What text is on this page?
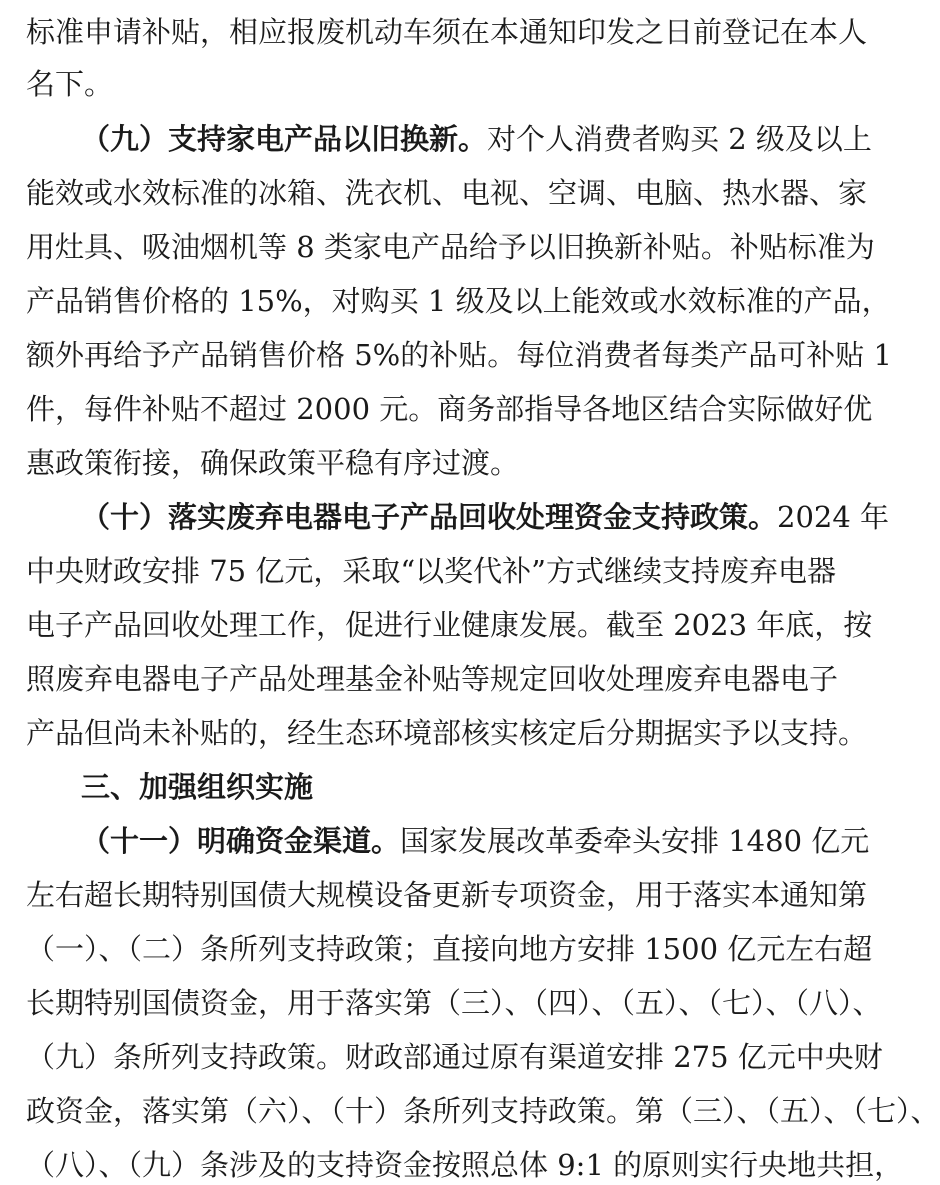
标准申请补贴，相应报废机动车须在本通知印发之日前登记在本人
名下。
（九）支持家电产品以旧换新。对个人消费者购买 2 级及以上
能效或水效标准的冰箱、洗衣机、电视、空调、电脑、热水器、家
用灶具、吸油烟机等 8 类家电产品给予以旧换新补贴。补贴标准为
产品销售价格的 15%，对购买 1 级及以上能效或水效标准的产品，
额外再给予产品销售价格 5%的补贴。每位消费者每类产品可补贴 1
件，每件补贴不超过 2000 元。商务部指导各地区结合实际做好优
惠政策衔接，确保政策平稳有序过渡。
（十）落实废弃电器电子产品回收处理资金支持政策。2024 年
中央财政安排 75 亿元，采取“以奖代补”方式继续支持废弃电器
电子产品回收处理工作，促进行业健康发展。截至 2023 年底，按
照废弃电器电子产品处理基金补贴等规定回收处理废弃电器电子
产品但尚未补贴的，经生态环境部核实核定后分期据实予以支持。
三、加强组织实施
（十一）明确资金渠道。国家发展改革委牵头安排 1480 亿元
左右超长期特别国债大规模设备更新专项资金，用于落实本通知第
（一）、（二）条所列支持政策；直接向地方安排 1500 亿元左右超
长期特别国债资金，用于落实第（三）、（四）、（五）、（七）、（八）、
（九）条所列支持政策。财政部通过原有渠道安排 275 亿元中央财
政资金，落实第（六）、（十）条所列支持政策。第（三）、（五）、（七）、
（八）、（九）条涉及的支持资金按照总体 9:1 的原则实行央地共担，
